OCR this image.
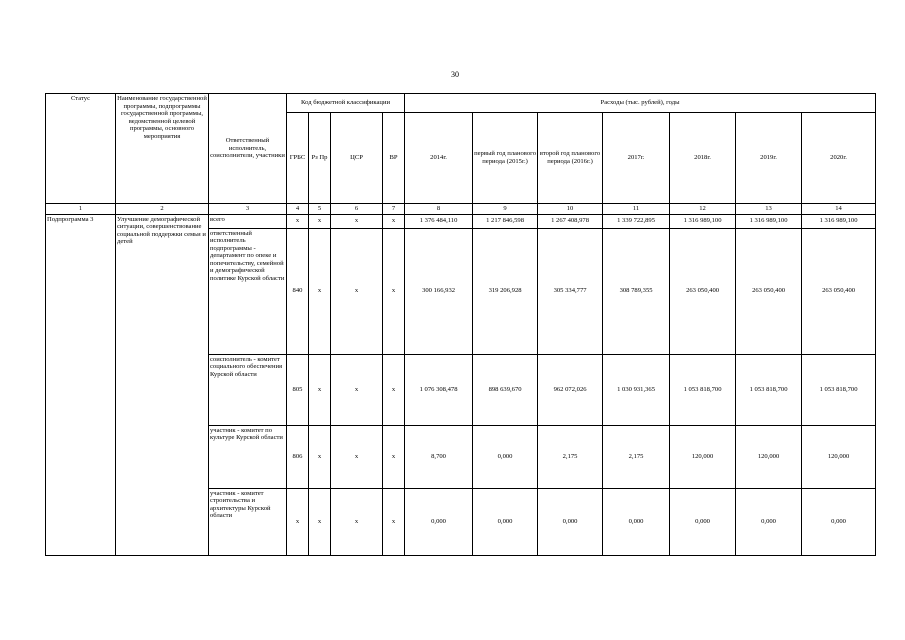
30
Статус	Наименование государственной программы, подпрограммы государственной программы, ведомственной целевой программы, основного мероприятия	Ответственный исполнитель, соисполнители, участники	Код бюджетной классификации				Расходы (тыс. рублей), годы						
			ГРБС	Рз Пр	ЦСР	ВР	2014г.	первый год планового периода (2015г.)	второй год планового периода (2016г.)	2017г.	2018г.	2019г.	2020г.
1	2	3	4	5	6	7	8	9	10	11	12	13	14
Подпрограмма 3	Улучшение демографической ситуации, совершенствование социальной поддержки семьи и детей	всего	х	х	х	х	1 376 484,110	1 217 846,598	1 267 408,978	1 339 722,895	1 316 989,100	1 316 989,100	1 316 989,100
		ответственный исполнитель подпрограммы - департамент по опеке и попечительству, семейной и демографической политике Курской области	840	х	х	х	300 166,932	319 206,928	305 334,777	308 789,355	263 050,400	263 050,400	263 050,400
		соисполнитель - комитет социального обеспечения Курской области	805	х	х	х	1 076 308,478	898 639,670	962 072,026	1 030 931,365	1 053 818,700	1 053 818,700	1 053 818,700
		участник - комитет по культуре Курской области	806	х	х	х	8,700	0,000	2,175	2,175	120,000	120,000	120,000
		участник - комитет строительства и архитектуры Курской области	х	х	х	х	0,000	0,000	0,000	0,000	0,000	0,000	0,000
